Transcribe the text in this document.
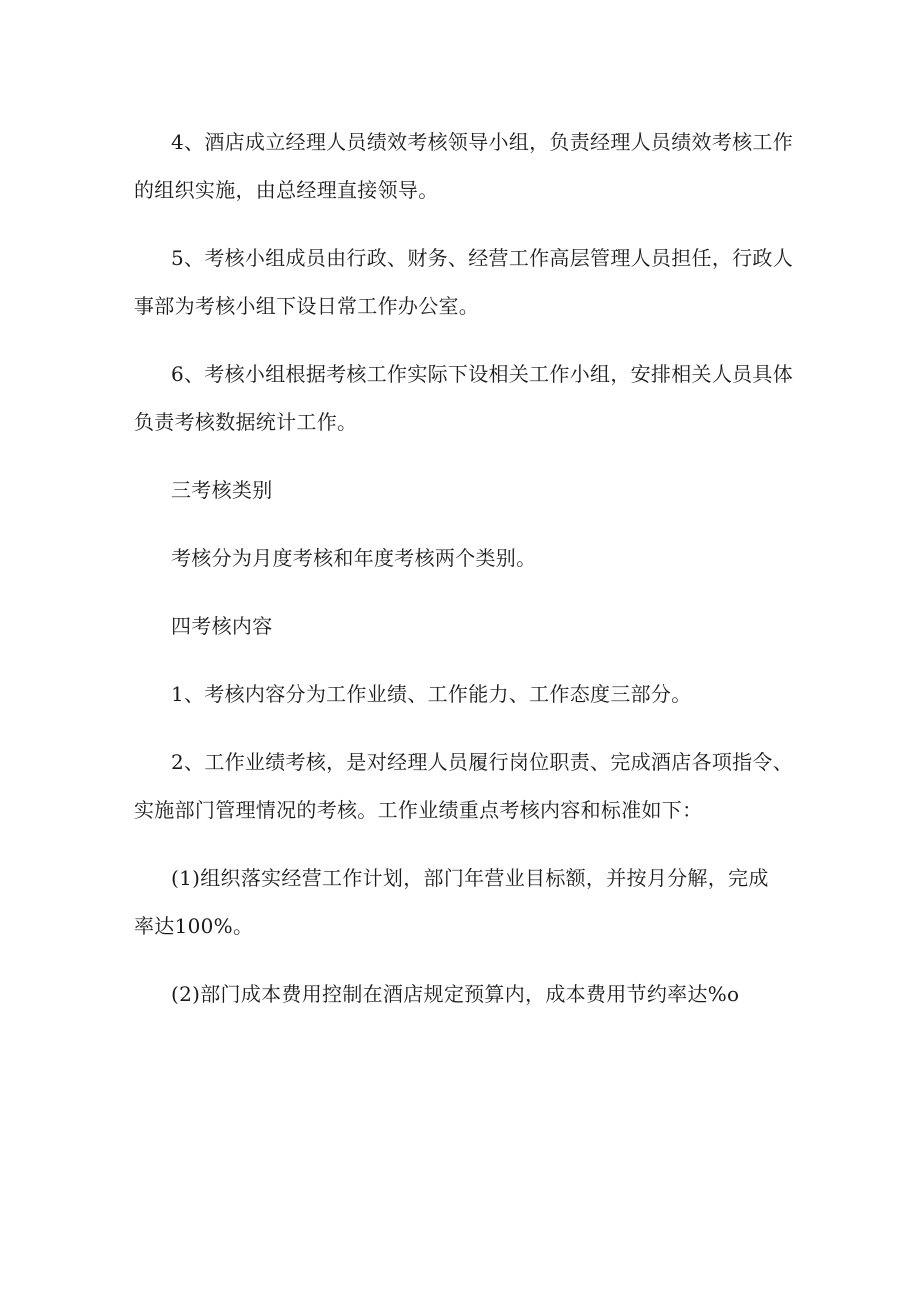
4、酒店成立经理人员绩效考核领导小组，负责经理人员绩效考核工作
的组织实施，由总经理直接领导。
5、考核小组成员由行政、财务、经营工作高层管理人员担任，行政人
事部为考核小组下设日常工作办公室。
6、考核小组根据考核工作实际下设相关工作小组，安排相关人员具体
负责考核数据统计工作。
三考核类别
考核分为月度考核和年度考核两个类别。
四考核内容
1、考核内容分为工作业绩、工作能力、工作态度三部分。
2、工作业绩考核，是对经理人员履行岗位职责、完成酒店各项指令、
实施部门管理情况的考核。工作业绩重点考核内容和标准如下：
(1)组织落实经营工作计划，部门年营业目标额，并按月分解，完成
率达100%。
(2)部门成本费用控制在酒店规定预算内，成本费用节约率达%o
